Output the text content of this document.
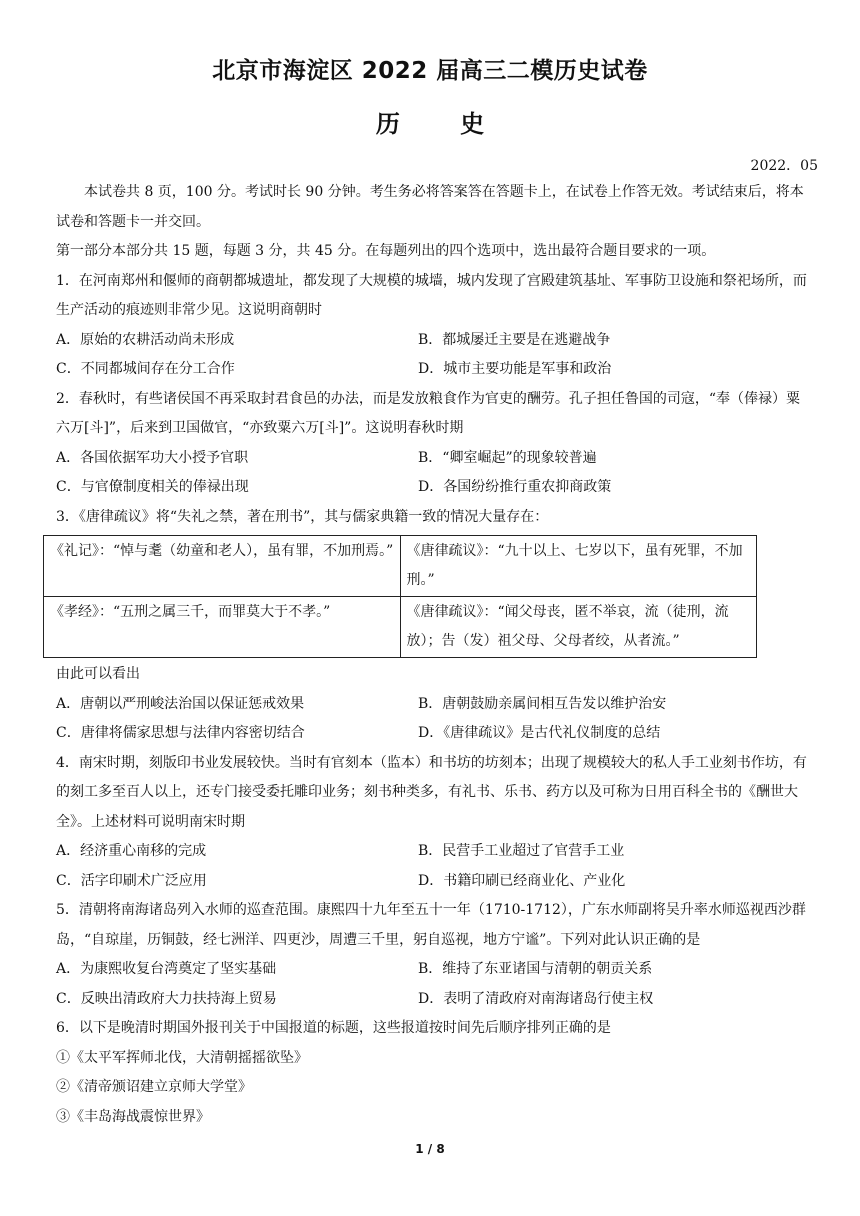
北京市海淀区 2022 届高三二模历史试卷
历 史
2022．05

本试卷共 8 页，100 分。考试时长 90 分钟。考生务必将答案答在答题卡上，在试卷上作答无效。考试结束后，将本试卷和答题卡一并交回。

第一部分本部分共 15 题，每题 3 分，共 45 分。在每题列出的四个选项中，选出最符合题目要求的一项。

1．在河南郑州和偃师的商朝都城遗址，都发现了大规模的城墙，城内发现了宫殿建筑基址、军事防卫设施和祭祀场所，而生产活动的痕迹则非常少见。这说明商朝时

A．原始的农耕活动尚未形成	B．都城屡迁主要是在逃避战争

C．不同都城间存在分工合作	D．城市主要功能是军事和政治

2．春秋时，有些诸侯国不再采取封君食邑的办法，而是发放粮食作为官吏的酬劳。孔子担任鲁国的司寇，“奉（俸禄）粟六万[斗]”，后来到卫国做官，“亦致粟六万[斗]”。这说明春秋时期

A．各国依据军功大小授予官职	B．“卿室崛起”的现象较普遍

C．与官僚制度相关的俸禄出现	D．各国纷纷推行重农抑商政策

3．《唐律疏议》将“失礼之禁，著在刑书”，其与儒家典籍一致的情况大量存在：

《礼记》：“悼与耄（幼童和老人），虽有罪，不加刑焉。”	《唐律疏议》：“九十以上、七岁以下，虽有死罪，不加刑。”
《孝经》：“五刑之属三千，而罪莫大于不孝。”	《唐律疏议》：“闻父母丧，匿不举哀，流（徒刑，流放）；告（发）祖父母、父母者绞，从者流。”

由此可以看出

A．唐朝以严刑峻法治国以保证惩戒效果	B．唐朝鼓励亲属间相互告发以维护治安

C．唐律将儒家思想与法律内容密切结合	D．《唐律疏议》是古代礼仪制度的总结

4．南宋时期，刻版印书业发展较快。当时有官刻本（监本）和书坊的坊刻本；出现了规模较大的私人手工业刻书作坊，有的刻工多至百人以上，还专门接受委托雕印业务；刻书种类多，有礼书、乐书、药方以及可称为日用百科全书的《酬世大全》。上述材料可说明南宋时期

A．经济重心南移的完成	B．民营手工业超过了官营手工业

C．活字印刷术广泛应用	D．书籍印刷已经商业化、产业化

5．清朝将南海诸岛列入水师的巡查范围。康熙四十九年至五十一年（1710-1712），广东水师副将吴升率水师巡视西沙群岛，“自琼崖，历铜鼓，经七洲洋、四更沙，周遭三千里，躬自巡视，地方宁谧”。下列对此认识正确的是

A．为康熙收复台湾奠定了坚实基础	B．维持了东亚诸国与清朝的朝贡关系

C．反映出清政府大力扶持海上贸易	D．表明了清政府对南海诸岛行使主权

6．以下是晚清时期国外报刊关于中国报道的标题，这些报道按时间先后顺序排列正确的是

①《太平军挥师北伐，大清朝摇摇欲坠》

②《清帝颁诏建立京师大学堂》

③《丰岛海战震惊世界》

1 / 8
